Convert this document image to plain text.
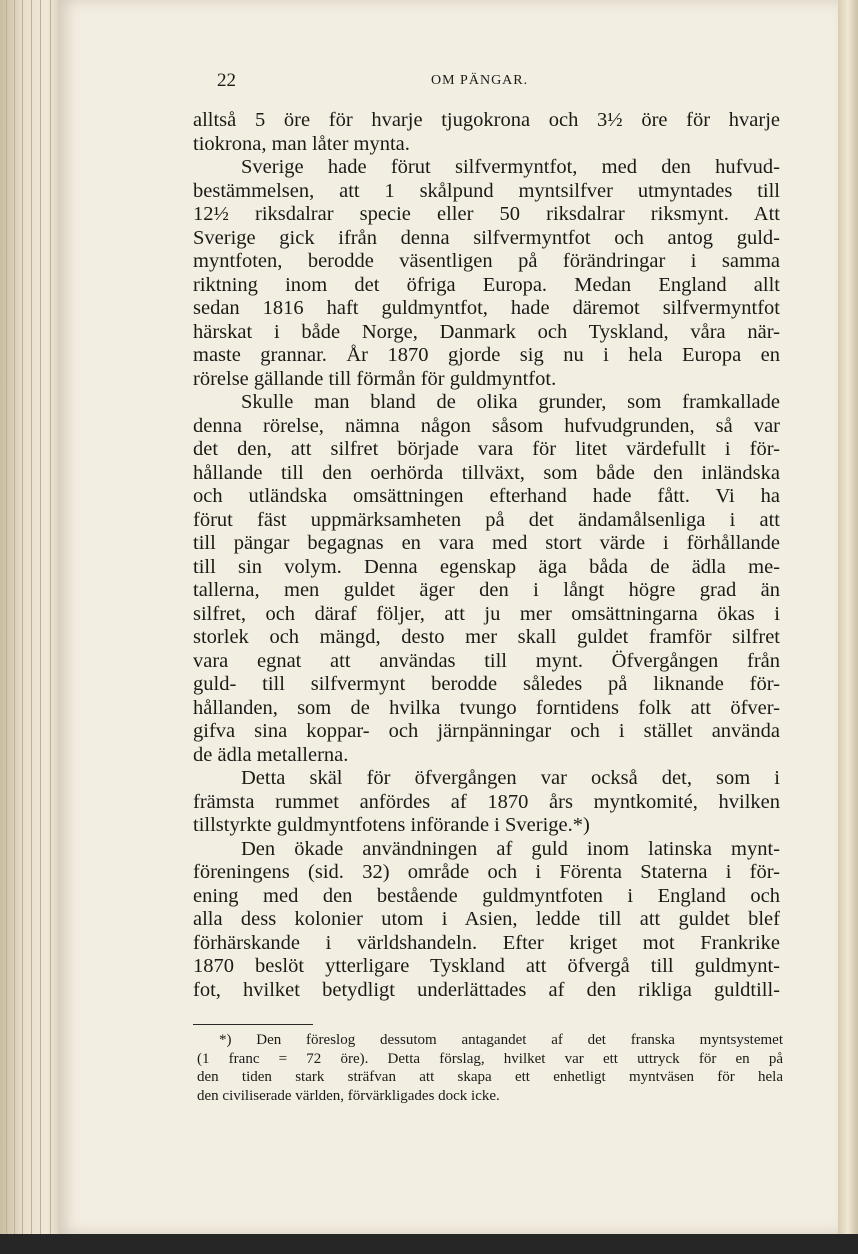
22	OM PÄNGAR.
alltså 5 öre för hvarje tjugokrona och 3½ öre för hvarje
tiokrona, man låter mynta.
Sverige hade förut silfvermyntfot, med den hufvud-
bestämmelsen, att 1 skålpund myntsilfver utmyntades till
12½ riksdalrar specie eller 50 riksdalrar riksmynt. Att
Sverige gick ifrån denna silfvermyntfot och antog guld-
myntfoten, berodde väsentligen på förändringar i samma
riktning inom det öfriga Europa. Medan England allt
sedan 1816 haft guldmyntfot, hade däremot silfvermyntfot
härskat i både Norge, Danmark och Tyskland, våra när-
maste grannar. År 1870 gjorde sig nu i hela Europa en
rörelse gällande till förmån för guldmyntfot.
Skulle man bland de olika grunder, som framkallade
denna rörelse, nämna någon såsom hufvudgrunden, så var
det den, att silfret började vara för litet värdefullt i för-
hållande till den oerhörda tillväxt, som både den inländska
och utländska omsättningen efterhand hade fått. Vi ha
förut fäst uppmärksamheten på det ändamålsenliga i att
till pängar begagnas en vara med stort värde i förhållande
till sin volym. Denna egenskap äga båda de ädla me-
tallerna, men guldet äger den i långt högre grad än
silfret, och däraf följer, att ju mer omsättningarna ökas i
storlek och mängd, desto mer skall guldet framför silfret
vara egnat att användas till mynt. Öfvergången från
guld- till silfvermynt berodde således på liknande för-
hållanden, som de hvilka tvungo forntidens folk att öfver-
gifva sina koppar- och järnpänningar och i stället använda
de ädla metallerna.
Detta skäl för öfvergången var också det, som i
främsta rummet anfördes af 1870 års myntkomité, hvilken
tillstyrkte guldmyntfotens införande i Sverige.*)
Den ökade användningen af guld inom latinska mynt-
föreningens (sid. 32) område och i Förenta Staterna i för-
ening med den bestående guldmyntfoten i England och
alla dess kolonier utom i Asien, ledde till att guldet blef
förhärskande i världshandeln. Efter kriget mot Frankrike
1870 beslöt ytterligare Tyskland att öfvergå till guldmynt-
fot, hvilket betydligt underlättades af den rikliga guldtill-
*) Den föreslog dessutom antagandet af det franska myntsystemet
(1 franc = 72 öre). Detta förslag, hvilket var ett uttryck för en på
den tiden stark sträfvan att skapa ett enhetligt myntväsen för hela
den civiliserade världen, förvärkligades dock icke.
